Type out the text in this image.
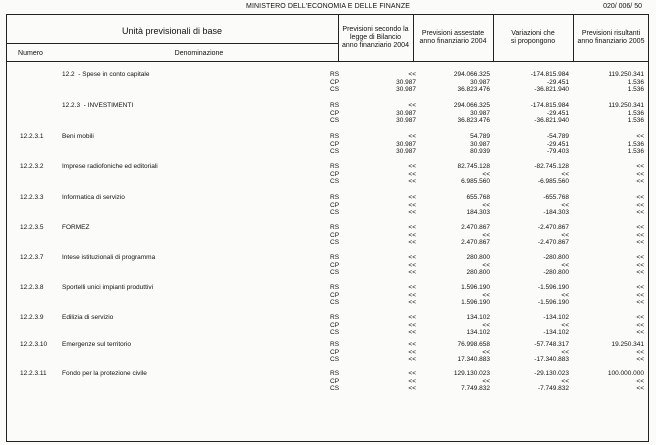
MINISTERO DELL'ECONOMIA E DELLE FINANZE	020/ 006/ 50
Unità previsionali di base
Numero	Denominazione
Previsioni secondo la
legge di Bilancio
anno finanziario 2004
Previsioni assestate
anno finanziario 2004
Variazioni che
si propongono
Previsioni risultanti
anno finanziario 2005
12.2  - Spese in conto capitale	RS	<<	294.066.325	-174.815.984	119.250.341
CP	30.987	30.987	-29.451	1.536
CS	30.987	36.823.476	-36.821.940	1.536
12.2.3  - INVESTIMENTI	RS	<<	294.066.325	-174.815.984	119.250.341
CP	30.987	30.987	-29.451	1.536
CS	30.987	36.823.476	-36.821.940	1.536
12.2.3.1	Beni mobili	RS	<<	54.789	-54.789	<<
CP	30.987	30.987	-29.451	1.536
CS	30.987	80.939	-79.403	1.536
12.2.3.2	Imprese radiofoniche ed editoriali	RS	<<	82.745.128	-82.745.128	<<
CP	<<	<<	<<	<<
CS	<<	6.985.560	-6.985.560	<<
12.2.3.3	Informatica di servizio	RS	<<	655.768	-655.768	<<
CP	<<	<<	<<	<<
CS	<<	184.303	-184.303	<<
12.2.3.5	FORMEZ	RS	<<	2.470.867	-2.470.867	<<
CP	<<	<<	<<	<<
CS	<<	2.470.867	-2.470.867	<<
12.2.3.7	Intese istituzionali di programma	RS	<<	280.800	-280.800	<<
CP	<<	<<	<<	<<
CS	<<	280.800	-280.800	<<
12.2.3.8	Sportelli unici impianti produttivi	RS	<<	1.596.190	-1.596.190	<<
CP	<<	<<	<<	<<
CS	<<	1.596.190	-1.596.190	<<
12.2.3.9	Edilizia di servizio	RS	<<	134.102	-134.102	<<
CP	<<	<<	<<	<<
CS	<<	134.102	-134.102	<<
12.2.3.10 Emergenze sul territorio	RS	<<	76.998.658	-57.748.317	19.250.341
CP	<<	<<	<<	<<
CS	<<	17.340.883	-17.340.883	<<
12.2.3.11 Fondo per la protezione civile	RS	<<	129.130.023	-29.130.023	100.000.000
CP	<<	<<	<<	<<
CS	<<	7.749.832	-7.749.832	<<
